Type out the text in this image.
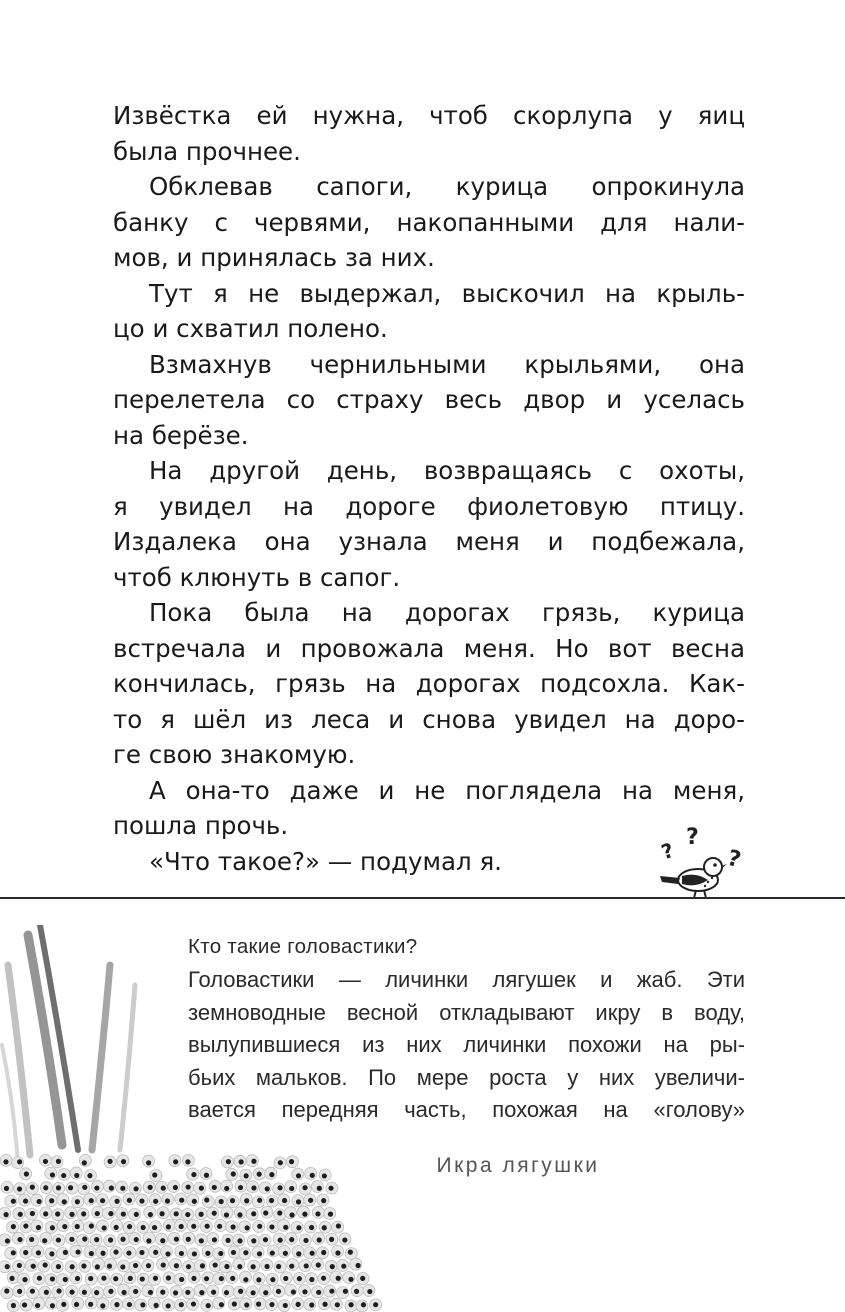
Извёстка ей нужна, чтоб скорлупа у яиц
была прочнее.
Обклевав сапоги, курица опрокинула
банку с червями, накопанными для нали-
мов, и принялась за них.
Тут я не выдержал, выскочил на крыль-
цо и схватил полено.
Взмахнув чернильными крыльями, она
перелетела со страху весь двор и уселась
на берёзе.
На другой день, возвращаясь с охоты,
я увидел на дороге фиолетовую птицу.
Издалека она узнала меня и подбежала,
чтоб клюнуть в сапог.
Пока была на дорогах грязь, курица
встречала и провожала меня. Но вот весна
кончилась, грязь на дорогах подсохла. Как-
то я шёл из леса и снова увидел на доро-
ге свою знакомую.
А она-то даже и не поглядела на меня,
пошла прочь.
«Что такое?» — подумал я.	?
?
?
Кто такие головастики?
Головастики — личинки лягушек и жаб. Эти
земноводные весной откладывают икру в воду,
вылупившиеся из них личинки похожи на ры-
бьих мальков. По мере роста у них увеличи-
вается передняя часть, похожая на «голову»
Икра лягушки
